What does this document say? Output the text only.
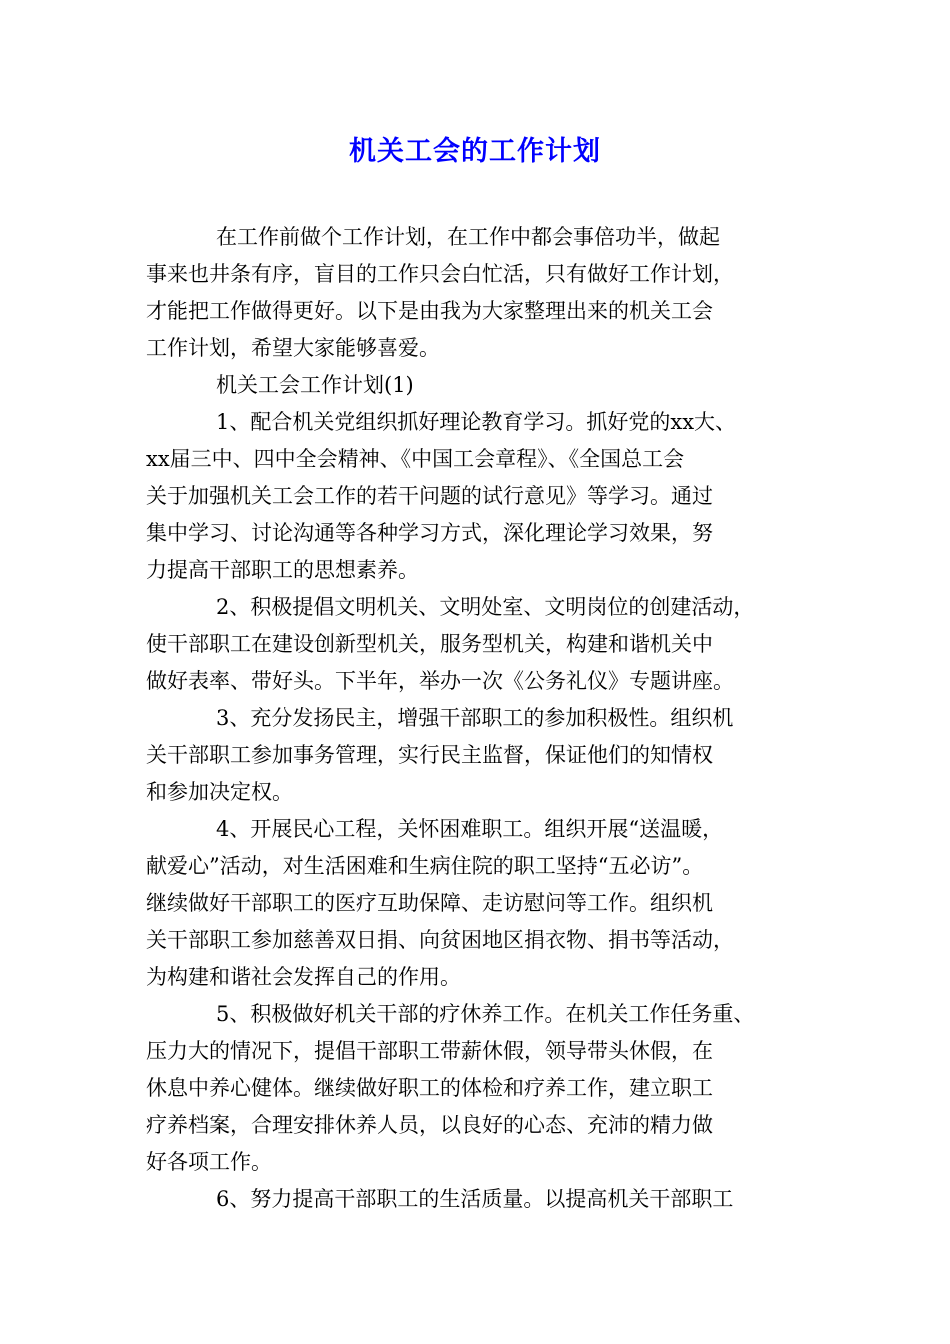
机关工会的工作计划

在工作前做个工作计划，在工作中都会事倍功半，做起
事来也井条有序，盲目的工作只会白忙活，只有做好工作计划，
才能把工作做得更好。以下是由我为大家整理出来的机关工会
工作计划，希望大家能够喜爱。

机关工会工作计划(1)

1、配合机关党组织抓好理论教育学习。抓好党的xx大、
xx届三中、四中全会精神、《中国工会章程》、《全国总工会
关于加强机关工会工作的若干问题的试行意见》等学习。通过
集中学习、讨论沟通等各种学习方式，深化理论学习效果，努
力提高干部职工的思想素养。

2、积极提倡文明机关、文明处室、文明岗位的创建活动，
使干部职工在建设创新型机关，服务型机关，构建和谐机关中
做好表率、带好头。下半年，举办一次《公务礼仪》专题讲座。

3、充分发扬民主，增强干部职工的参加积极性。组织机
关干部职工参加事务管理，实行民主监督，保证他们的知情权
和参加决定权。

4、开展民心工程，关怀困难职工。组织开展“送温暖，
献爱心”活动，对生活困难和生病住院的职工坚持“五必访”。
继续做好干部职工的医疗互助保障、走访慰问等工作。组织机
关干部职工参加慈善双日捐、向贫困地区捐衣物、捐书等活动，
为构建和谐社会发挥自己的作用。

5、积极做好机关干部的疗休养工作。在机关工作任务重、
压力大的情况下，提倡干部职工带薪休假，领导带头休假，在
休息中养心健体。继续做好职工的体检和疗养工作，建立职工
疗养档案，合理安排休养人员，以良好的心态、充沛的精力做
好各项工作。

6、努力提高干部职工的生活质量。以提高机关干部职工
